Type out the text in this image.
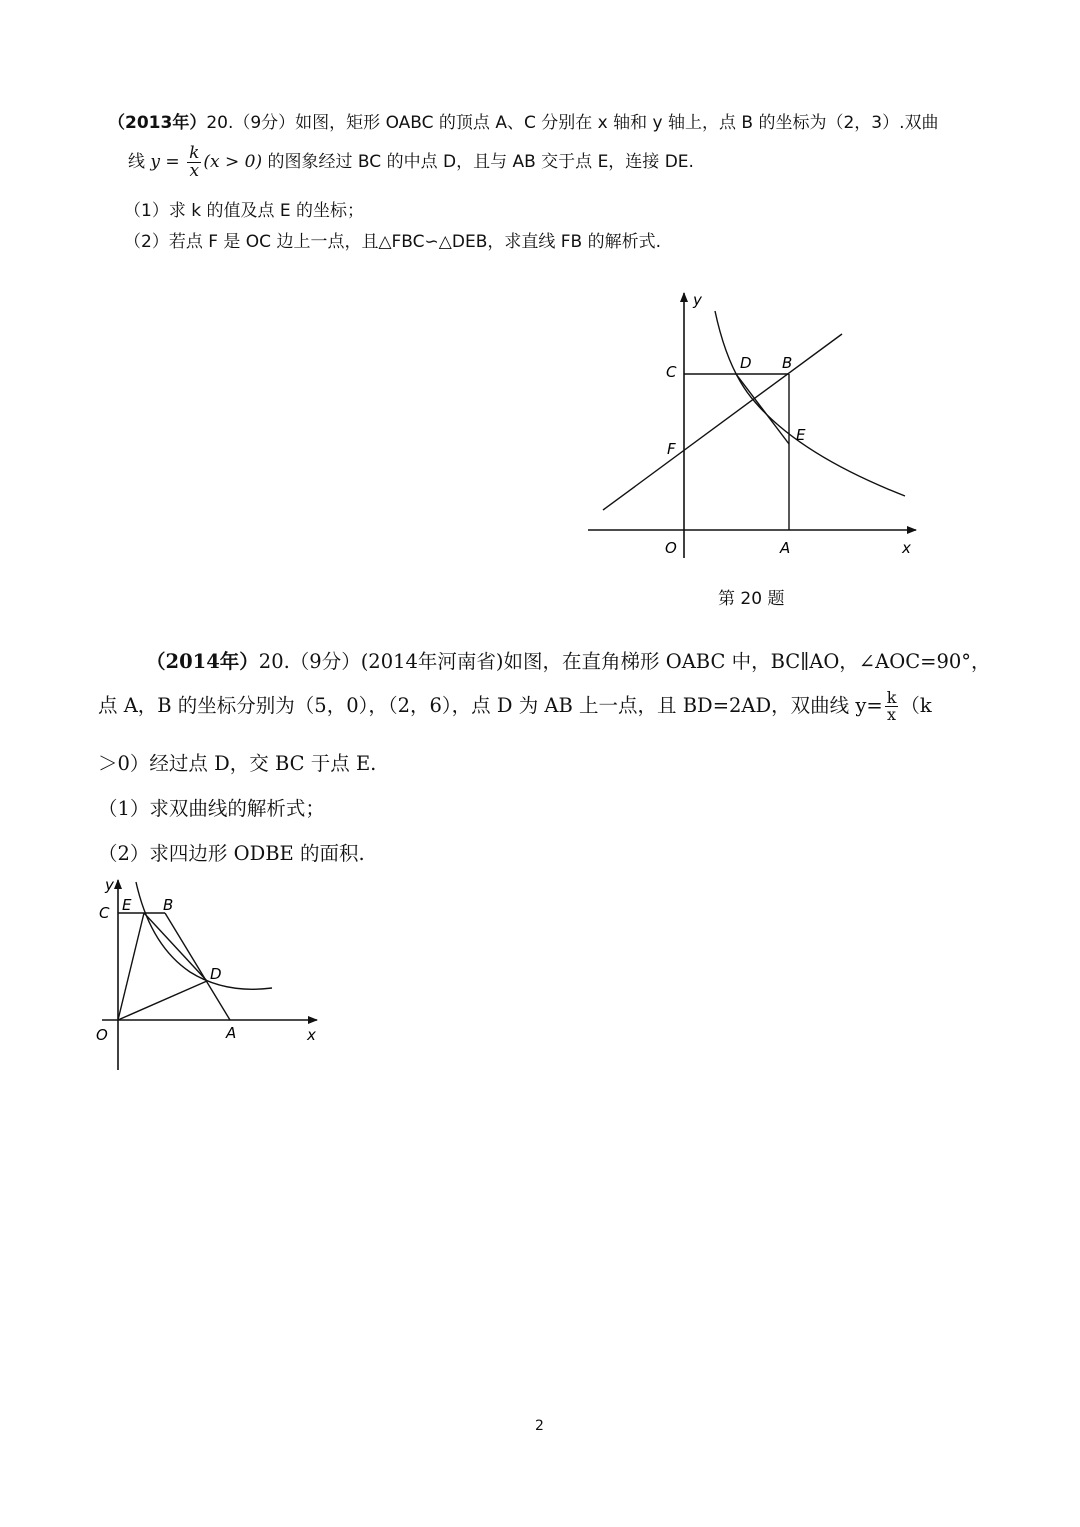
（2013年）20.（9分）如图，矩形 OABC 的顶点 A、C 分别在 x 轴和 y 轴上，点 B 的坐标为（2，3）.双曲
线 $y = \frac{k}{x} (x > 0)$ 的图象经过 BC 的中点 D，且与 AB 交于点 E，连接 DE.
（1）求 k 的值及点 E 的坐标；
（2）若点 F 是 OC 边上一点，且△FBC∽△DEB，求直线 FB 的解析式.
y
C	D B
E
F
O	A	x
第 20 题
（2014年）20.（9分）(2014年河南省)如图，在直角梯形 OABC 中，BC∥AO，∠AOC=90°，
点 A，B 的坐标分别为（5，0），（2，6），点 D 为 AB 上一点，且 BD=2AD，双曲线 $y= \frac{k}{x} (k$
＞0）经过点 D，交 BC 于点 E.
（1）求双曲线的解析式；
（2）求四边形 ODBE 的面积.
y
C E B
D
O	A	x
2
